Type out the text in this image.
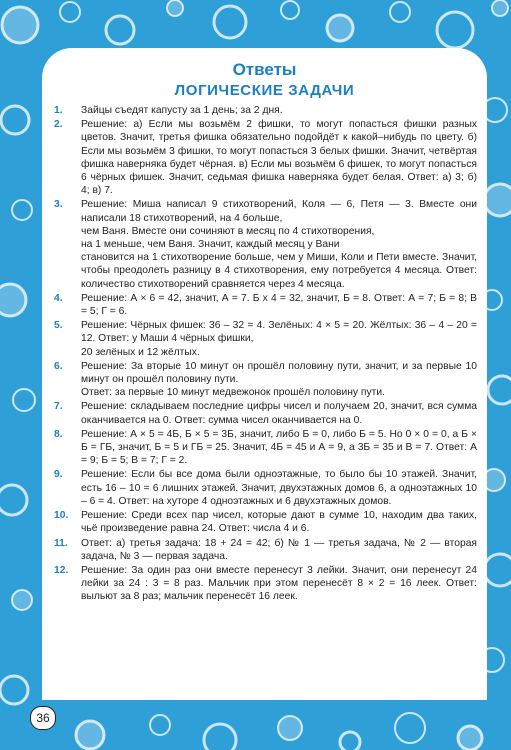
Ответы
ЛОГИЧЕСКИЕ ЗАДАЧИ
1.	Зайцы съедят капусту за 1 день; за 2 дня.
2.	Решение: а) Если мы возьмём 2 фишки, то могут попасться фишки разных цветов. Значит, третья фишка обязательно подойдёт к какой–нибудь по цвету. б) Если мы возьмём 3 фишки, то могут попасться 3 белых фишки. Значит, четвёртая фишка наверняка будет чёрная. в) Если мы возьмём 6 фишек, то могут попасться 6 чёрных фишек. Значит, седьмая фишка наверняка будет белая. Ответ: а) 3; б) 4; в) 7.
3.	Решение: Миша написал 9 стихотворений, Коля — 6, Петя — 3. Вместе они написали 18 стихотворений, на 4 больше,
чем Ваня. Вместе они сочиняют в месяц по 4 стихотворения,
на 1 меньше, чем Ваня. Значит, каждый месяц у Вани
становится на 1 стихотворение больше, чем у Миши, Коли и Пети вместе. Значит, чтобы преодолеть разницу в 4 стихотворения, ему потребуется 4 месяца. Ответ: количество стихотворений сравняется через 4 месяца.
4.	Решение: А × 6 = 42, значит, А = 7. Б x 4 = 32, значит, Б = 8. Ответ: А = 7; Б = 8; В = 5; Г = 6.
5.	Решение: Чёрных фишек: 36 – 32 = 4. Зелёных: 4 × 5 = 20. Жёлтых: 36 – 4 – 20 = 12. Ответ: у Маши 4 чёрных фишки,
20 зелёных и 12 жёлтых.
6.	Решение: За вторые 10 минут он прошёл половину пути, значит, и за первые 10 минут он прошёл половину пути.
Ответ: за первые 10 минут медвежонок прошёл половину пути.
7.	Решение: складываем последние цифры чисел и получаем 20, значит, вся сумма оканчивается на 0. Ответ: сумма чисел оканчивается на 0.
8.	Решение: А × 5 = 4Б, Б × 5 = 3Б, значит, либо Б = 0, либо Б = 5. Но 0 × 0 = 0, а Б × Б = ГБ, значит, Б = 5 и ГБ = 25. Значит, 4Б = 45 и А = 9, а 3Б = 35 и В = 7. Ответ: А = 9; Б = 5; В = 7; Г = 2.
9.	Решение: Если бы все дома были одноэтажные, то было бы 10 этажей. Значит, есть 16 – 10 = 6 лишних этажей. Значит, двухэтажных домов 6, а одноэтажных 10 – 6 = 4. Ответ: на хуторе 4 одноэтажных и 6 двухэтажных домов.
10.	Решение: Среди всех пар чисел, которые дают в сумме 10, находим два таких, чьё произведение равна 24. Ответ: числа 4 и 6.
11.	Ответ: а) третья задача: 18 + 24 = 42; б) № 1 — третья задача, № 2 — вторая задача, № 3 — первая задача.
12.	Решение: За один раз они вместе перенесут 3 лейки. Значит, они перенесут 24 лейки за 24 : 3 = 8 раз. Мальчик при этом перенесёт 8 × 2 = 16 леек. Ответ: выльют за 8 раз; мальчик перенесёт 16 леек.
36
